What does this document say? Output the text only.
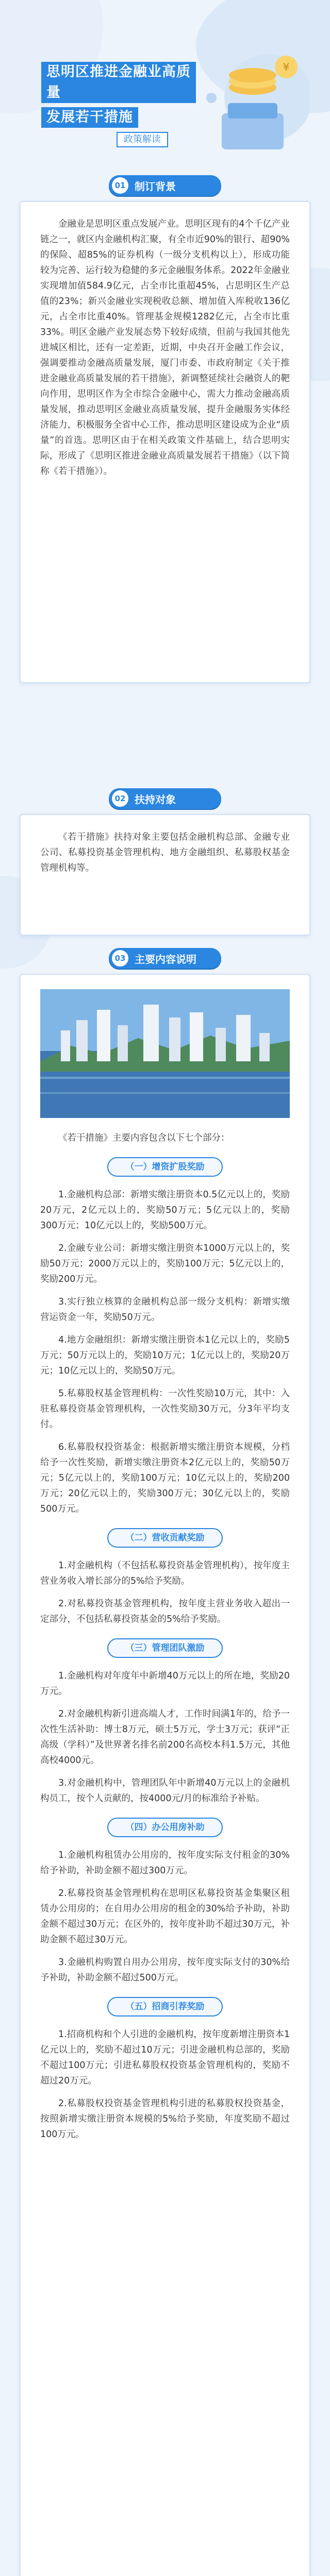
思明区推进金融业高质量
发展若干措施
政策解读
¥
01 制订背景

金融业是思明区重点发展产业。思明区现有的4个千亿产业链之一，就区内金融机构汇聚，有全市近90%的银行、超90%的保险、超85%的证券机构（一级分支机构以上），形成功能较为完善、运行较为稳健的多元金融服务体系。2022年金融业实现增加值584.9亿元，占全市比重超45%，占思明区生产总值的23%；新兴金融业实现税收总额、增加值入库税收136亿元，占全市比重40%。管理基金规模1282亿元，占全市比重33%。明区金融产业发展态势下较好成绩，但前与我国其他先进城区相比，还有一定差距，近期，中央召开金融工作会议，强调要推动金融高质量发展，厦门市委、市政府制定《关于推进金融业高质量发展的若干措施》，新调整延续社会融资人的靶向作用，思明区作为全市综合金融中心，需大力推动金融高质量发展，推动思明区金融业高质量发展，提升金融服务实体经济能力，积极服务全省中心工作，推动思明区建设成为企业“质量”的首选。思明区由于在相关政策文件基础上，结合思明实际，形成了《思明区推进金融业高质量发展若干措施》（以下简称《若干措施》）。

02 扶持对象

《若干措施》扶持对象主要包括金融机构总部、金融专业公司、私募投资基金管理机构、地方金融组织、私募股权基金管理机构等。

03 主要内容说明

《若干措施》主要内容包含以下七个部分：

（一）增资扩股奖励

1.金融机构总部：新增实缴注册资本0.5亿元以上的，奖励20万元，2亿元以上的，奖励50万元；5亿元以上的，奖励300万元；10亿元以上的，奖励500万元。

2.金融专业公司：新增实缴注册资本1000万元以上的，奖励50万元；2000万元以上的，奖励100万元；5亿元以上的，奖励200万元。

3.实行独立核算的金融机构总部一级分支机构：新增实缴营运资金一年，奖励50万元。

4.地方金融组织：新增实缴注册资本1亿元以上的，奖励5万元；50万元以上的，奖励10万元；1亿元以上的，奖励20万元；10亿元以上的，奖励50万元。

5.私募股权基金管理机构：一次性奖励10万元，其中：入驻私募投资基金管理机构，一次性奖励30万元，分3年平均支付。

6.私募股权投资基金：根据新增实缴注册资本规模，分档给予一次性奖励，新增实缴注册资本2亿元以上的，奖励50万元；5亿元以上的，奖励100万元；10亿元以上的，奖励200万元；20亿元以上的，奖励300万元；30亿元以上的，奖励500万元。

（二）营收贡献奖励

1.对金融机构（不包括私募投资基金管理机构），按年度主营业务收入增长部分的5%给予奖励。

2.对私募投资基金管理机构，按年度主营业务收入超出一定部分，不包括私募投资基金的5%给予奖励。

（三）管理团队激励

1.金融机构对年度年中新增40万元以上的所在地，奖励20万元。

2.对金融机构新引进高端人才，工作时间满1年的，给予一次性生活补助：博士8万元，硕士5万元，学士3万元；获评“正高级（学科）”及世界著名排名前200名高校本科1.5万元，其他高校4000元。

3.对金融机构中，管理团队年中新增40万元以上的金融机构员工，按个人贡献的，按4000元/月的标准给予补贴。

（四）办公用房补助

1.金融机构租赁办公用房的，按年度实际支付租金的30%给予补助，补助金额不超过300万元。

2.私募投资基金管理机构在思明区私募投资基金集聚区租赁办公用房的；在自用办公用房的租金的30%给予补助，补助金额不超过30万元；在区外的，按年度补助不超过30万元，补助金额不超过30万元。

3.金融机构购置自用办公用房，按年度实际支付的30%给予补助，补助金额不超过500万元。

（五）招商引荐奖励

1.招商机构和个人引进的金融机构，按年度新增注册资本1亿元以上的，奖励不超过10万元；引进金融机构总部的，奖励不超过100万元；引进私募股权投资基金管理机构的，奖励不超过20万元。

2.私募股权投资基金管理机构引进的私募股权投资基金，按照新增实缴注册资本规模的5%给予奖励，年度奖励不超过100万元。
